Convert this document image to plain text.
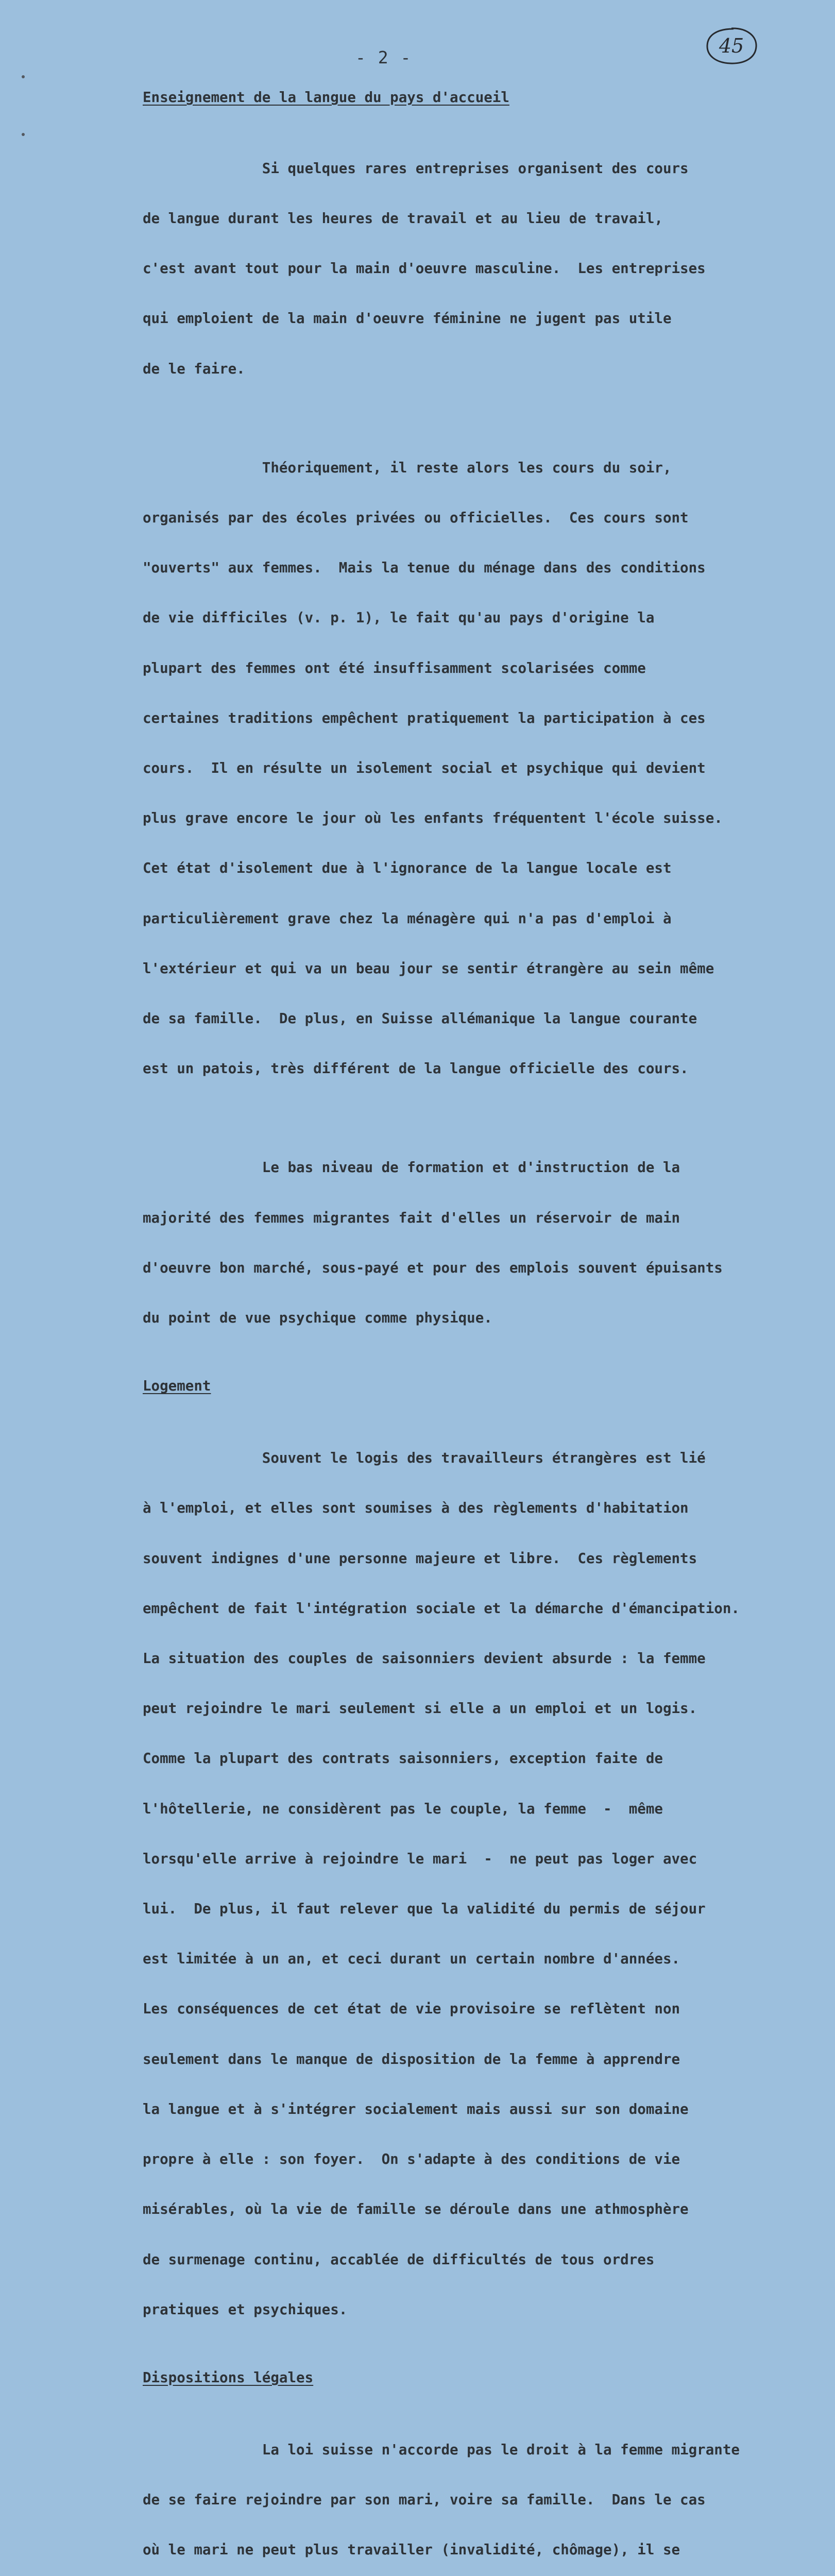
- 2 -
45
Enseignement de la langue du pays d'accueil

Si quelques rares entreprises organisent des cours

de langue durant les heures de travail et au lieu de travail,

c'est avant tout pour la main d'oeuvre masculine.  Les entreprises

qui emploient de la main d'oeuvre féminine ne jugent pas utile

de le faire.

Théoriquement, il reste alors les cours du soir,

organisés par des écoles privées ou officielles.  Ces cours sont

"ouverts" aux femmes.  Mais la tenue du ménage dans des conditions

de vie difficiles (v. p. 1), le fait qu'au pays d'origine la

plupart des femmes ont été insuffisamment scolarisées comme

certaines traditions empêchent pratiquement la participation à ces

cours.  Il en résulte un isolement social et psychique qui devient

plus grave encore le jour où les enfants fréquentent l'école suisse.

Cet état d'isolement due à l'ignorance de la langue locale est

particulièrement grave chez la ménagère qui n'a pas d'emploi à

l'extérieur et qui va un beau jour se sentir étrangère au sein même

de sa famille.  De plus, en Suisse allémanique la langue courante

est un patois, très différent de la langue officielle des cours.

Le bas niveau de formation et d'instruction de la

majorité des femmes migrantes fait d'elles un réservoir de main

d'oeuvre bon marché, sous-payé et pour des emplois souvent épuisants

du point de vue psychique comme physique.

Logement

Souvent le logis des travailleurs étrangères est lié

à l'emploi, et elles sont soumises à des règlements d'habitation

souvent indignes d'une personne majeure et libre.  Ces règlements

empêchent de fait l'intégration sociale et la démarche d'émancipation.

La situation des couples de saisonniers devient absurde : la femme

peut rejoindre le mari seulement si elle a un emploi et un logis.

Comme la plupart des contrats saisonniers, exception faite de

l'hôtellerie, ne considèrent pas le couple, la femme  -  même

lorsqu'elle arrive à rejoindre le mari  -  ne peut pas loger avec

lui.  De plus, il faut relever que la validité du permis de séjour

est limitée à un an, et ceci durant un certain nombre d'années.

Les conséquences de cet état de vie provisoire se reflètent non

seulement dans le manque de disposition de la femme à apprendre

la langue et à s'intégrer socialement mais aussi sur son domaine

propre à elle : son foyer.  On s'adapte à des conditions de vie

misérables, où la vie de famille se déroule dans une athmosphère

de surmenage continu, accablée de difficultés de tous ordres

pratiques et psychiques.

Dispositions légales

La loi suisse n'accorde pas le droit à la femme migrante

de se faire rejoindre par son mari, voire sa famille.  Dans le cas

où le mari ne peut plus travailler (invalidité, chômage), il se
